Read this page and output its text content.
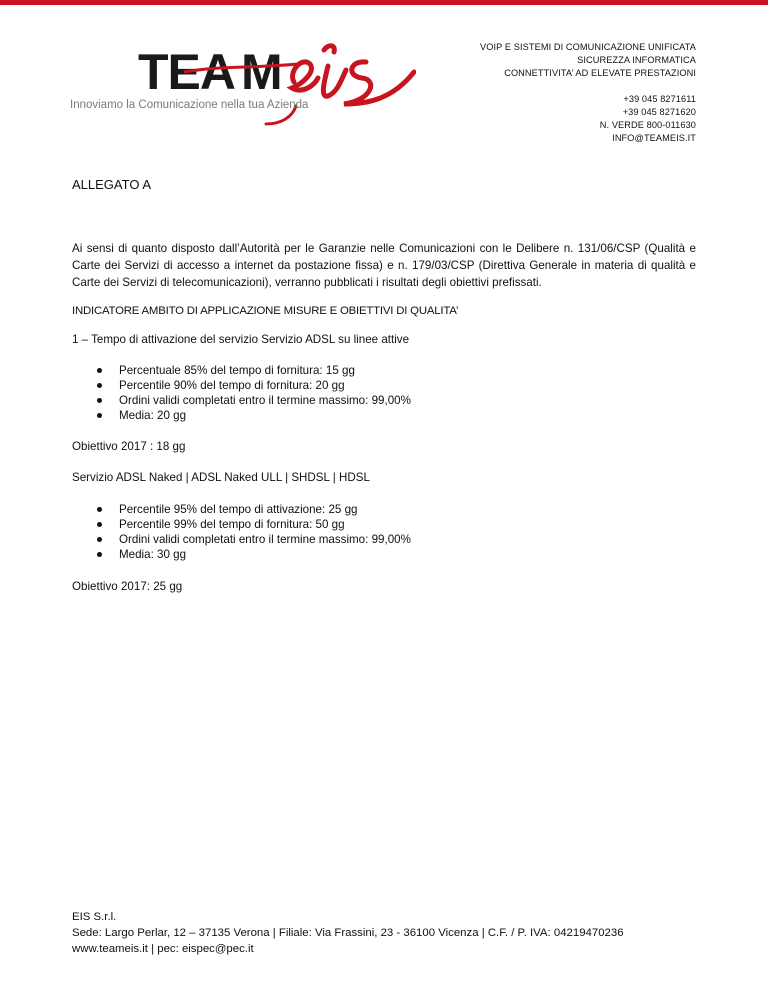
TEA M
Innoviamo la Comunicazione nella tua Azienda
VOIP E SISTEMI DI COMUNICAZIONE UNIFICATA
SICUREZZA INFORMATICA
CONNETTIVITA’ AD ELEVATE PRESTAZIONI
+39 045 8271611
+39 045 8271620
N. VERDE 800-011630
INFO@TEAMEIS.IT
ALLEGATO A
Ai sensi di quanto disposto dall’Autorità per le Garanzie nelle Comunicazioni con le Delibere n. 131/06/CSP (Qualità e Carte dei Servizi di accesso a internet da postazione fissa) e n. 179/03/CSP (Direttiva Generale in materia di qualità e Carte dei Servizi di telecomunicazioni), verranno pubblicati i risultati degli obiettivi prefissati.
INDICATORE AMBITO DI APPLICAZIONE MISURE E OBIETTIVI DI QUALITA’
1 – Tempo di attivazione del servizio Servizio ADSL su linee attive
Percentuale 85% del tempo di fornitura: 15 gg
Percentile 90% del tempo di fornitura: 20 gg
Ordini validi completati entro il termine massimo: 99,00%
Media: 20 gg
Obiettivo 2017 : 18 gg
Servizio ADSL Naked | ADSL Naked ULL | SHDSL | HDSL
Percentile 95% del tempo di attivazione: 25 gg
Percentile 99% del tempo di fornitura: 50 gg
Ordini validi completati entro il termine massimo: 99,00%
Media: 30 gg
Obiettivo 2017: 25 gg
EIS S.r.l.
Sede: Largo Perlar, 12 – 37135 Verona | Filiale: Via Frassini, 23 - 36100 Vicenza | C.F. / P. IVA: 04219470236
www.teameis.it | pec: eispec@pec.it
